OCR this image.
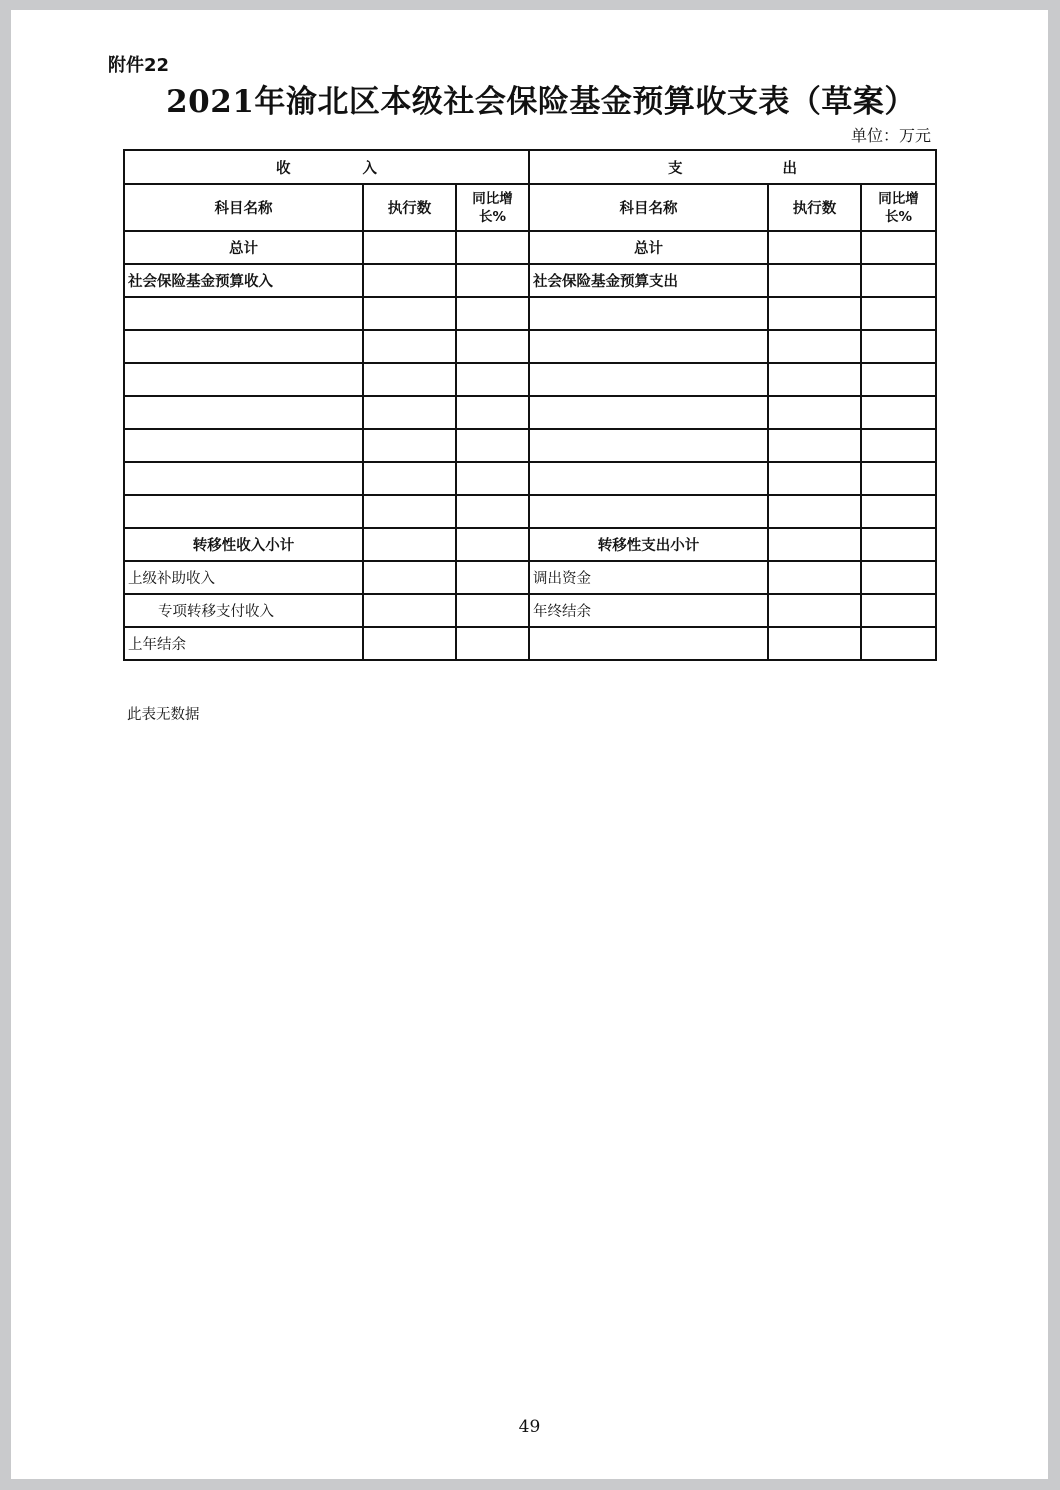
附件22
2021年渝北区本级社会保险基金预算收支表（草案）
单位：万元
收 入			支 出		
科目名称	执行数	同比增长%	科目名称	执行数	同比增长%
总计			总计		
社会保险基金预算收入			社会保险基金预算支出		

转移性收入小计			转移性支出小计		
上级补助收入			调出资金		
专项转移支付收入			年终结余		
上年结余					
此表无数据
49
